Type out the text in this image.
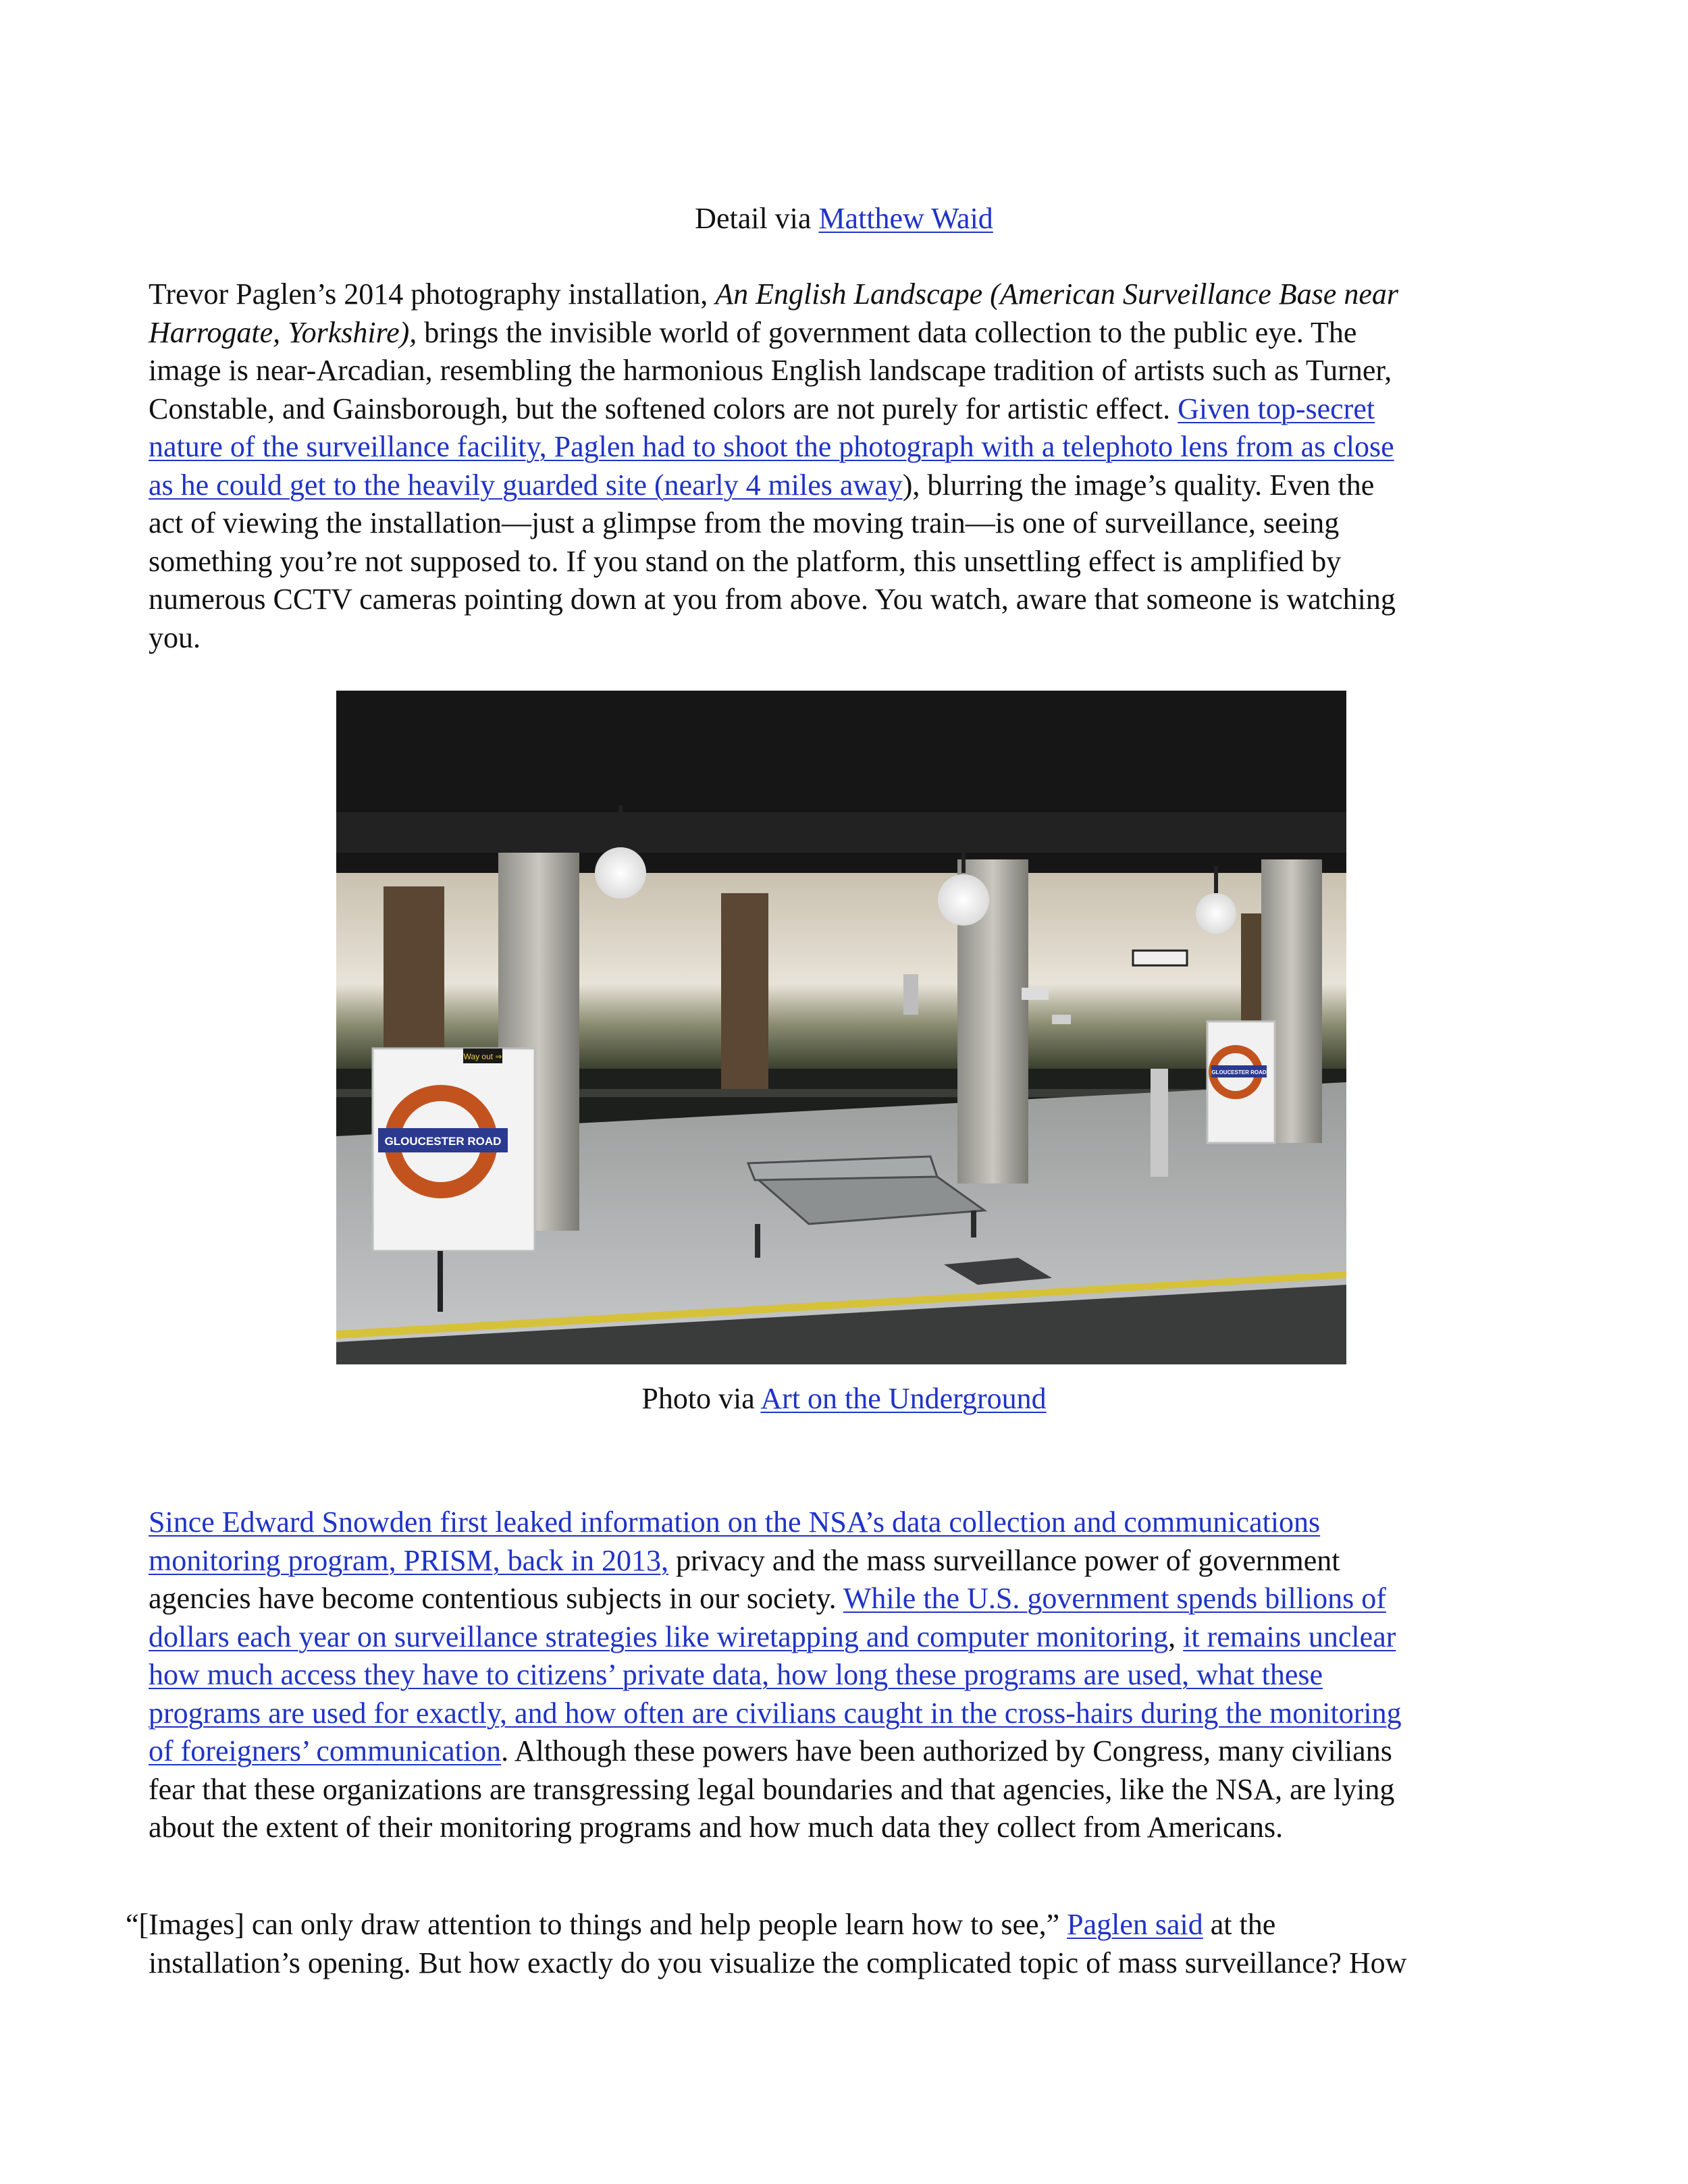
Detail via Matthew Waid
Trevor Paglen’s 2014 photography installation, An English Landscape (American Surveillance Base near
Harrogate, Yorkshire), brings the invisible world of government data collection to the public eye. The
image is near-Arcadian, resembling the harmonious English landscape tradition of artists such as Turner,
Constable, and Gainsborough, but the softened colors are not purely for artistic effect. Given top-secret
nature of the surveillance facility, Paglen had to shoot the photograph with a telephoto lens from as close
as he could get to the heavily guarded site (nearly 4 miles away), blurring the image’s quality. Even the
act of viewing the installation—just a glimpse from the moving train—is one of surveillance, seeing
something you’re not supposed to. If you stand on the platform, this unsettling effect is amplified by
numerous CCTV cameras pointing down at you from above. You watch, aware that someone is watching
you.
GLOUCESTER ROAD
Way out ⇒
GLOUCESTER ROAD
Photo via Art on the Underground
Since Edward Snowden first leaked information on the NSA’s data collection and communications
monitoring program, PRISM, back in 2013, privacy and the mass surveillance power of government
agencies have become contentious subjects in our society. While the U.S. government spends billions of
dollars each year on surveillance strategies like wiretapping and computer monitoring, it remains unclear
how much access they have to citizens’ private data, how long these programs are used, what these
programs are used for exactly, and how often are civilians caught in the cross-hairs during the monitoring
of foreigners’ communication. Although these powers have been authorized by Congress, many civilians
fear that these organizations are transgressing legal boundaries and that agencies, like the NSA, are lying
about the extent of their monitoring programs and how much data they collect from Americans.
“[Images] can only draw attention to things and help people learn how to see,” Paglen said at the
installation’s opening. But how exactly do you visualize the complicated topic of mass surveillance? How
